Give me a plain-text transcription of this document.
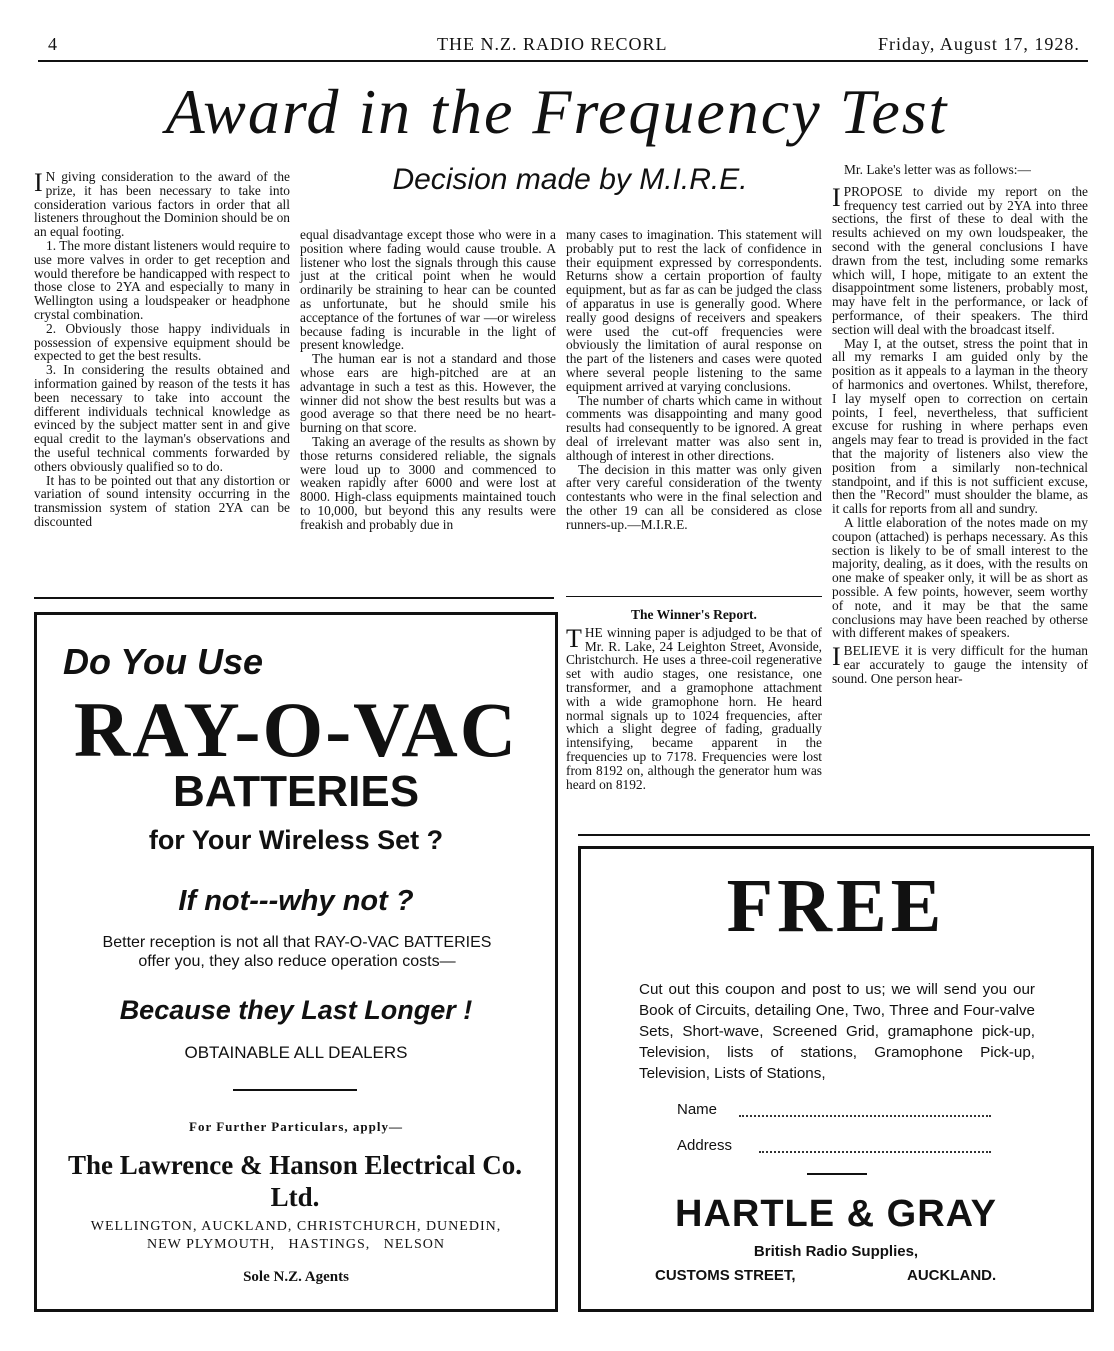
4	THE N.Z. RADIO RECORL	Friday, August 17, 1928.
Award in the Frequency Test
Decision made by M.I.R.E.

I N giving consideration to the award of the prize, it has been necessary to take into consideration various factors in order that all listeners throughout the Dominion should be on an equal footing.

1. The more distant listeners would require to use more valves in order to get reception and would therefore be handicapped with respect to those close to 2YA and especially to many in Wellington using a loudspeaker or headphone crystal combination.

2. Obviously those happy individuals in possession of expensive equipment should be expected to get the best results.

3. In considering the results obtained and information gained by reason of the tests it has been necessary to take into account the different individuals technical knowledge as evinced by the subject matter sent in and give equal credit to the layman's observations and the useful technical comments forwarded by others obviously qualified so to do.

It has to be pointed out that any distortion or variation of sound intensity occurring in the transmission system of station 2YA can be discounted

equal disadvantage except those who were in a position where fading would cause trouble. A listener who lost the signals through this cause just at the critical point when he would ordinarily be straining to hear can be counted as unfortunate, but he should smile his acceptance of the fortunes of war —or wireless because fading is incurable in the light of present knowledge.

The human ear is not a standard and those whose ears are high-pitched are at an advantage in such a test as this. However, the winner did not show the best results but was a good average so that there need be no heart-burning on that score.

Taking an average of the results as shown by those returns considered reliable, the signals were loud up to 3000 and commenced to weaken rapidly after 6000 and were lost at 8000. High-class equipments maintained touch to 10,000, but beyond this any results were freakish and probably due in

many cases to imagination. This statement will probably put to rest the lack of confidence in their equipment expressed by correspondents. Returns show a certain proportion of faulty equipment, but as far as can be judged the class of apparatus in use is generally good. Where really good designs of receivers and speakers were used the cut-off frequencies were obviously the limitation of aural response on the part of the listeners and cases were quoted where several people listening to the same equipment arrived at varying conclusions.

The number of charts which came in without comments was disappointing and many good results had consequently to be ignored. A great deal of irrelevant matter was also sent in, although of interest in other directions.

The decision in this matter was only given after very careful consideration of the twenty contestants who were in the final selection and the other 19 can all be considered as close runners-up.—M.I.R.E.

The Winner's Report.

THE winning paper is adjudged to be that of Mr. R. Lake, 24 Leighton Street, Avonside, Christchurch. He uses a three-coil regenerative set with audio stages, one resistance, one transformer, and a gramophone attachment with a wide gramophone horn. He heard normal signals up to 1024 frequencies, after which a slight degree of fading, gradually intensifying, became apparent in the frequencies up to 7178. Frequencies were lost from 8192 on, although the generator hum was heard on 8192.

Mr. Lake's letter was as follows:—

IPROPOSE to divide my report on the frequency test carried out by 2YA into three sections, the first of these to deal with the results achieved on my own loudspeaker, the second with the general conclusions I have drawn from the test, including some remarks which will, I hope, mitigate to an extent the disappointment some listeners, probably most, may have felt in the performance, or lack of performance, of their speakers. The third section will deal with the broadcast itself.

May I, at the outset, stress the point that in all my remarks I am guided only by the position as it appeals to a layman in the theory of harmonics and overtones. Whilst, therefore, I lay myself open to correction on certain points, I feel, nevertheless, that sufficient excuse for rushing in where perhaps even angels may fear to tread is provided in the fact that the majority of listeners also view the position from a similarly non-technical standpoint, and if this is not sufficient excuse, then the "Record" must shoulder the blame, as it calls for reports from all and sundry.

A little elaboration of the notes made on my coupon (attached) is perhaps necessary. As this section is likely to be of small interest to the majority, dealing, as it does, with the results on one make of speaker only, it will be as short as possible. A few points, however, seem worthy of note, and it may be that the same conclusions may have been reached by otherse with different makes of speakers.

IBELIEVE it is very difficult for the human ear accurately to gauge the intensity of sound. One person hear-

Do You Use
RAY-O-VAC
BATTERIES
for Your Wireless Set ?
If not---why not ?
Better reception is not all that RAY-O-VAC BATTERIES offer you, they also reduce operation costs—
Because they Last Longer !
OBTAINABLE ALL DEALERS
For Further Particulars, apply—
The Lawrence & Hanson Electrical Co. Ltd.
WELLINGTON, AUCKLAND, CHRISTCHURCH, DUNEDIN,
NEW PLYMOUTH,   HASTINGS,   NELSON
Sole N.Z. Agents
FREE
Cut out this coupon and post to us; we will send you our Book of Circuits, detailing One, Two, Three and Four-valve Sets, Short-wave, Screened Grid, gramaphone pick-up, Television, lists of stations, Gramophone Pick-up, Television, Lists of Stations,
Name
Address
HARTLE & GRAY
British Radio Supplies,
CUSTOMS STREET,	AUCKLAND.
